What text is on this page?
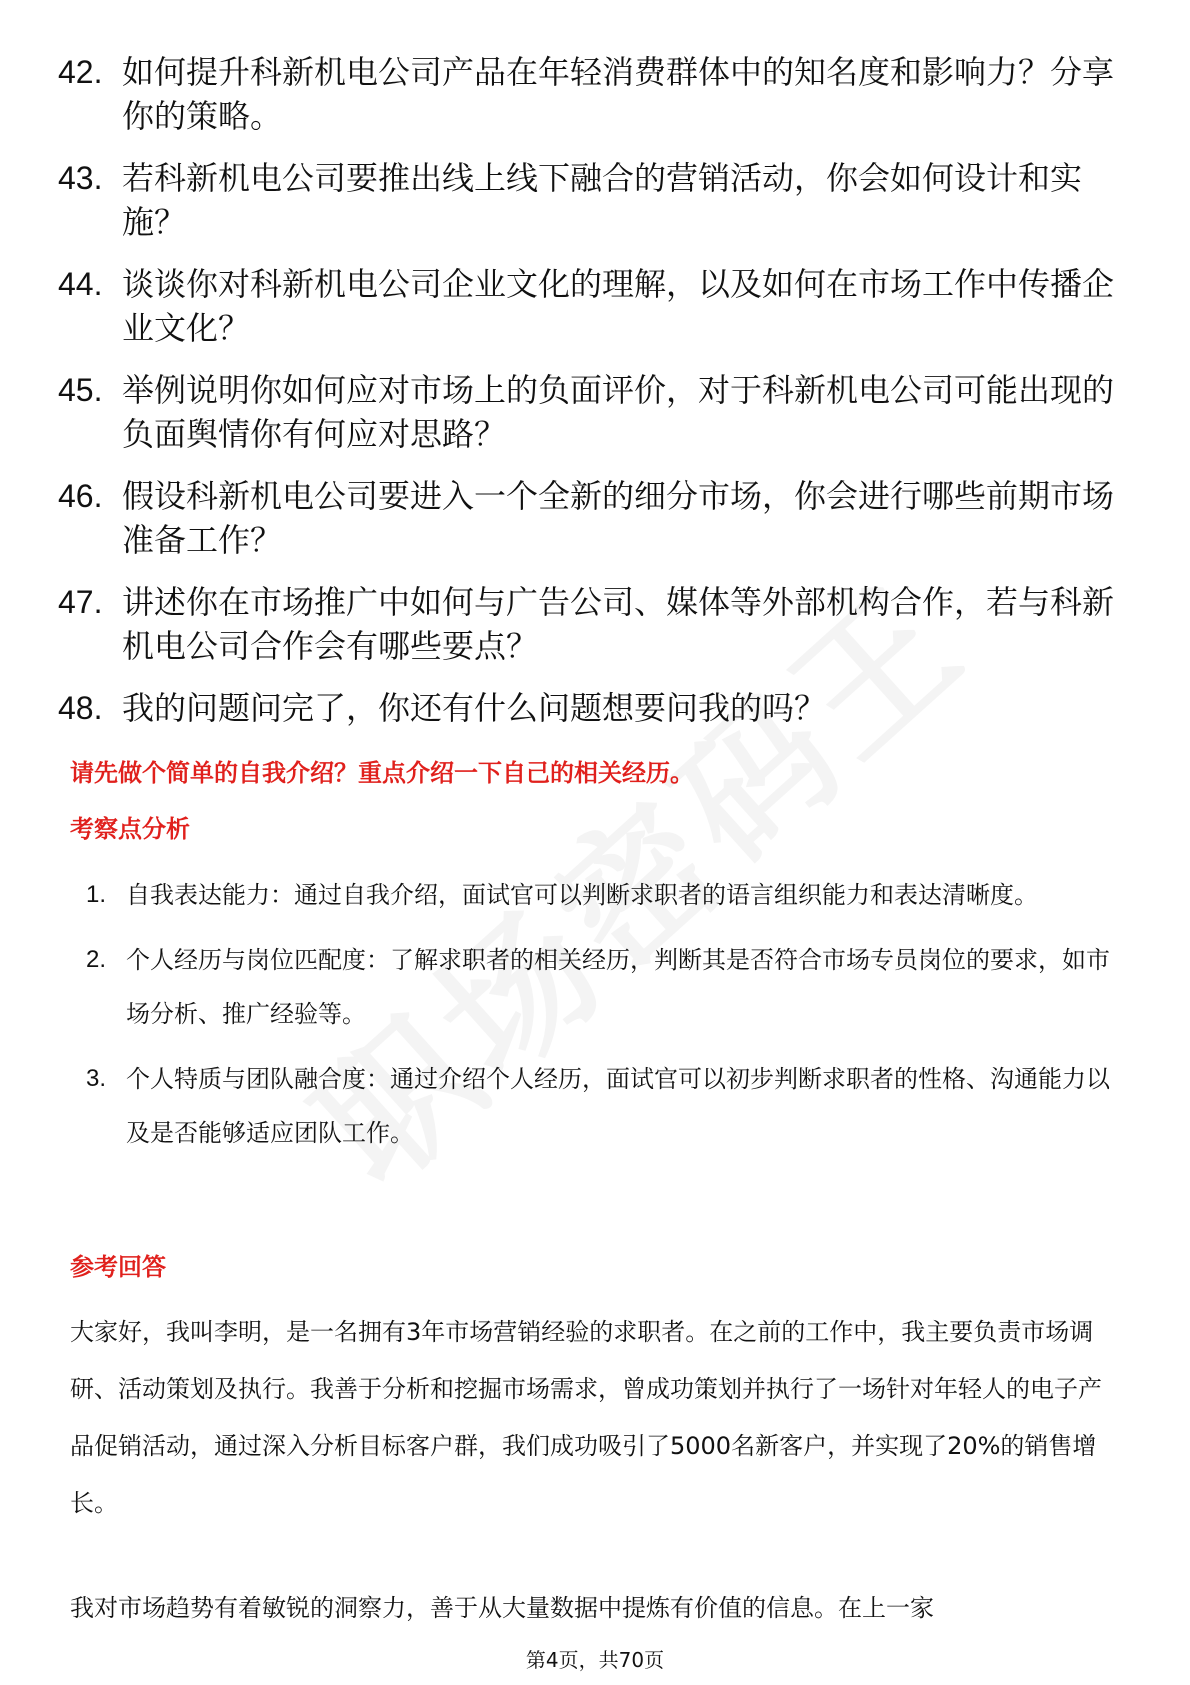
42. 如何提升科新机电公司产品在年轻消费群体中的知名度和影响力？分享你的策略。
43. 若科新机电公司要推出线上线下融合的营销活动，你会如何设计和实施？
44. 谈谈你对科新机电公司企业文化的理解，以及如何在市场工作中传播企业文化？
45. 举例说明你如何应对市场上的负面评价，对于科新机电公司可能出现的负面舆情你有何应对思路？
46. 假设科新机电公司要进入一个全新的细分市场，你会进行哪些前期市场准备工作？
47. 讲述你在市场推广中如何与广告公司、媒体等外部机构合作，若与科新机电公司合作会有哪些要点？
48. 我的问题问完了，你还有什么问题想要问我的吗？
请先做个简单的自我介绍？重点介绍一下自己的相关经历。
考察点分析
1. 自我表达能力：通过自我介绍，面试官可以判断求职者的语言组织能力和表达清晰度。
2. 个人经历与岗位匹配度：了解求职者的相关经历，判断其是否符合市场专员岗位的要求，如市场分析、推广经验等。
3. 个人特质与团队融合度：通过介绍个人经历，面试官可以初步判断求职者的性格、沟通能力以及是否能够适应团队工作。
参考回答

大家好，我叫李明，是一名拥有3年市场营销经验的求职者。在之前的工作中，我主要负责市场调研、活动策划及执行。我善于分析和挖掘市场需求，曾成功策划并执行了一场针对年轻人的电子产品促销活动，通过深入分析目标客户群，我们成功吸引了5000名新客户，并实现了20%的销售增长。

我对市场趋势有着敏锐的洞察力，善于从大量数据中提炼有价值的信息。在上一家

第4页，共70页
